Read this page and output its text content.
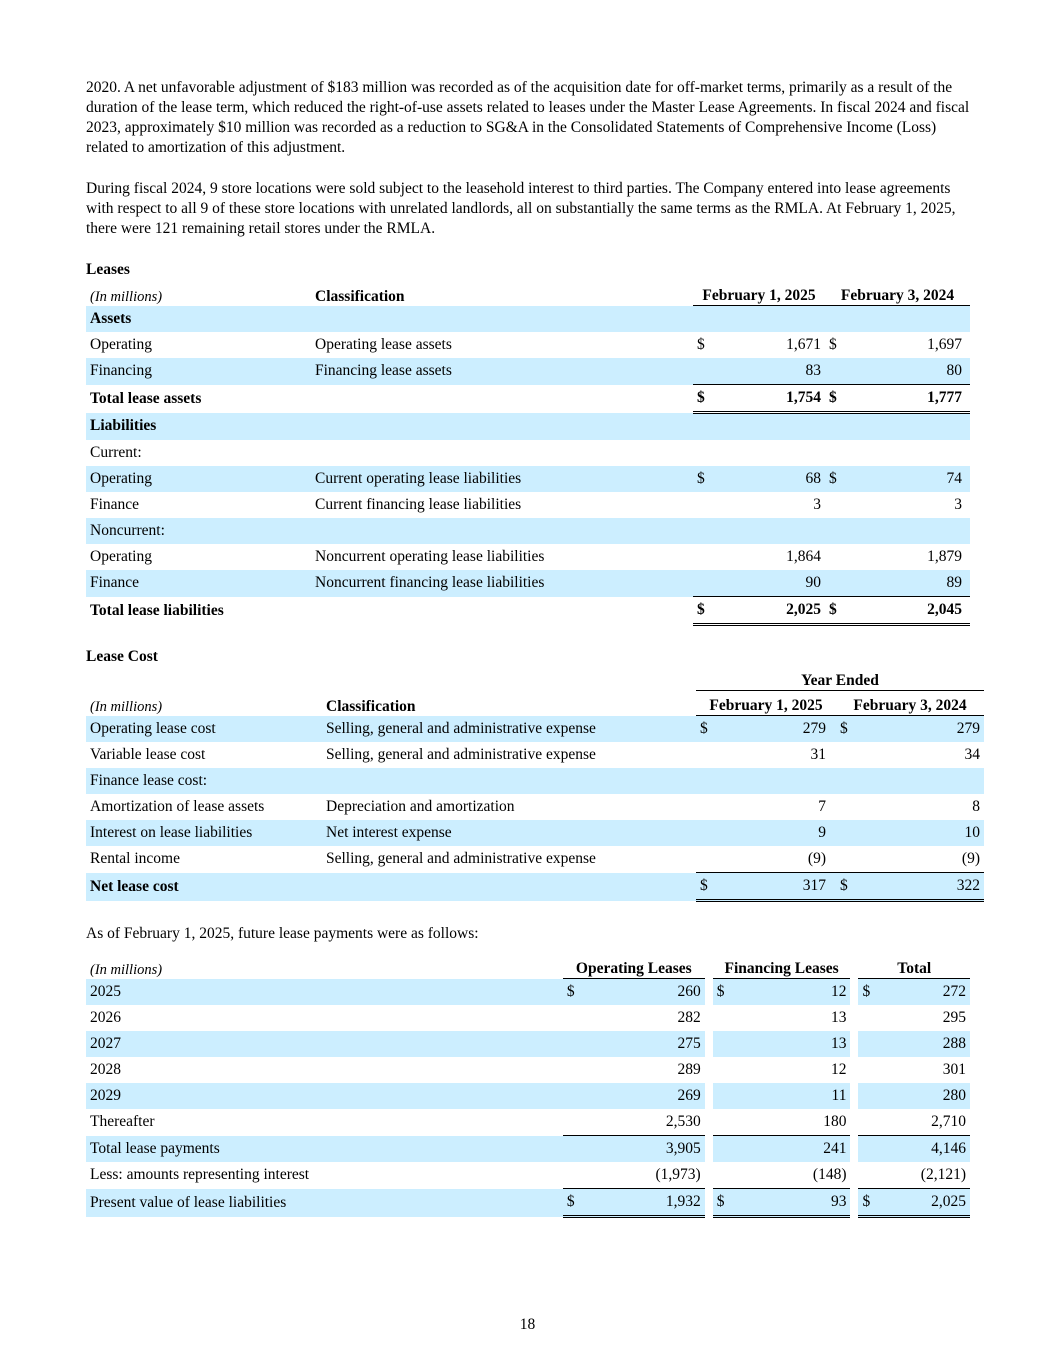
2020. A net unfavorable adjustment of $183 million was recorded as of the acquisition date for off-market terms, primarily as a result of the duration of the lease term, which reduced the right-of-use assets related to leases under the Master Lease Agreements. In fiscal 2024 and fiscal 2023, approximately $10 million was recorded as a reduction to SG&A in the Consolidated Statements of Comprehensive Income (Loss) related to amortization of this adjustment.

During fiscal 2024, 9 store locations were sold subject to the leasehold interest to third parties. The Company entered into lease agreements with respect to all 9 of these store locations with unrelated landlords, all on substantially the same terms as the RMLA. At February 1, 2025, there were 121 remaining retail stores under the RMLA.

Leases
(In millions)	Classification	February 1, 2025		February 3, 2024	
Assets					
Operating	Operating lease assets	$	1,671	$	1,697
Financing	Financing lease assets		83		80
Total lease assets		$	1,754	$	1,777
Liabilities					
Current:					
Operating	Current operating lease liabilities	$	68	$	74
Finance	Current financing lease liabilities		3		3
Noncurrent:					
Operating	Noncurrent operating lease liabilities		1,864		1,879
Finance	Noncurrent financing lease liabilities		90		89
Total lease liabilities		$	2,025	$	2,045
Lease Cost
		Year Ended			
(In millions)	Classification	February 1, 2025		February 3, 2024	
Operating lease cost	Selling, general and administrative expense	$	279	$	279
Variable lease cost	Selling, general and administrative expense		31		34
Finance lease cost:					
Amortization of lease assets	Depreciation and amortization		7		8
Interest on lease liabilities	Net interest expense		9		10
Rental income	Selling, general and administrative expense		(9)		(9)
Net lease cost		$	317	$	322

As of February 1, 2025, future lease payments were as follows:

(In millions)	Operating Leases			Financing Leases			Total	
2025	$	260		$	12		$	272
2026		282			13			295
2027		275			13			288
2028		289			12			301
2029		269			11			280
Thereafter		2,530			180			2,710
Total lease payments		3,905			241			4,146
Less: amounts representing interest		(1,973)			(148)			(2,121)
Present value of lease liabilities	$	1,932		$	93		$	2,025
18
